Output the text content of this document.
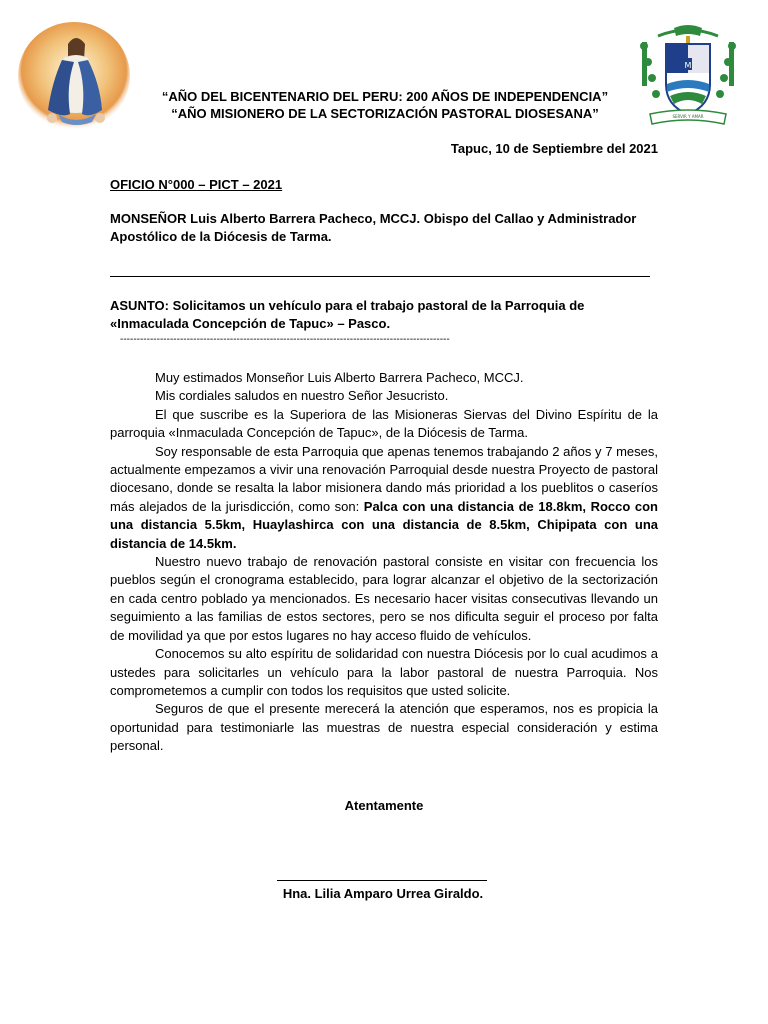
M
SERVIR Y AMAR
“AÑO DEL BICENTENARIO DEL PERU: 200 AÑOS DE INDEPENDENCIA”
“AÑO MISIONERO DE LA SECTORIZACIÓN PASTORAL DIOSESANA”
Tapuc, 10 de Septiembre del 2021
OFICIO N°000 – PICT – 2021
MONSEÑOR Luis Alberto Barrera Pacheco, MCCJ. Obispo del Callao y Administrador
Apostólico de la Diócesis de Tarma.
ASUNTO: Solicitamos un vehículo para el trabajo pastoral de la Parroquia de
«Inmaculada Concepción de Tapuc» – Pasco.
---------------------------------------------------------------------------------------------------

Muy estimados Monseñor Luis Alberto Barrera Pacheco, MCCJ.

Mis cordiales saludos en nuestro Señor Jesucristo.

El que suscribe es la Superiora de las Misioneras Siervas del Divino Espíritu de la parroquia «Inmaculada Concepción de Tapuc», de la Diócesis de Tarma.

Soy responsable de esta Parroquia que apenas tenemos trabajando 2 años y 7 meses, actualmente empezamos a vivir una renovación Parroquial desde nuestra Proyecto de pastoral diocesano, donde se resalta la labor misionera dando más prioridad a los pueblitos o caseríos más alejados de la jurisdicción, como son: Palca con una distancia de 18.8km, Rocco con una distancia 5.5km, Huaylashirca con una distancia de 8.5km, Chipipata con una distancia de 14.5km.

Nuestro nuevo trabajo de renovación pastoral consiste en visitar con frecuencia los pueblos según el cronograma establecido, para lograr alcanzar el objetivo de la sectorización en cada centro poblado ya mencionados. Es necesario hacer visitas consecutivas llevando un seguimiento a las familias de estos sectores, pero se nos dificulta seguir el proceso por falta de movilidad ya que por estos lugares no hay acceso fluido de vehículos.

Conocemos su alto espíritu de solidaridad con nuestra Diócesis por lo cual acudimos a ustedes para solicitarles un vehículo para la labor pastoral de nuestra Parroquia. Nos comprometemos a cumplir con todos los requisitos que usted solicite.

Seguros de que el presente merecerá la atención que esperamos, nos es propicia la oportunidad para testimoniarle las muestras de nuestra especial consideración y estima personal.

Atentamente
Hna. Lilia Amparo Urrea Giraldo.
